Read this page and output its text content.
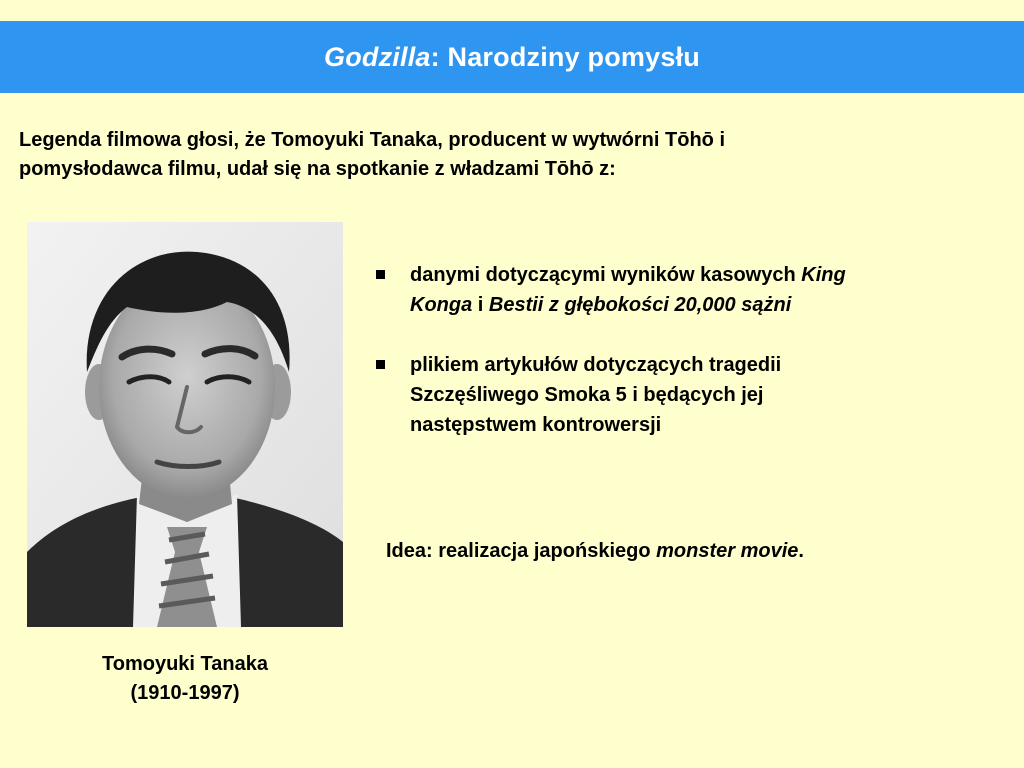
Godzilla: Narodziny pomysłu
Legenda filmowa głosi, że Tomoyuki Tanaka, producent w wytwórni Tōhō i
pomysłodawca filmu, udał się na spotkanie z władzami Tōhō z:
Tomoyuki Tanaka
(1910-1997)
danymi dotyczącymi wyników kasowych King
Konga i Bestii z głębokości 20,000 sążni
plikiem artykułów dotyczących tragedii
Szczęśliwego Smoka 5 i będących jej
następstwem kontrowersji
Idea: realizacja japońskiego monster movie.
